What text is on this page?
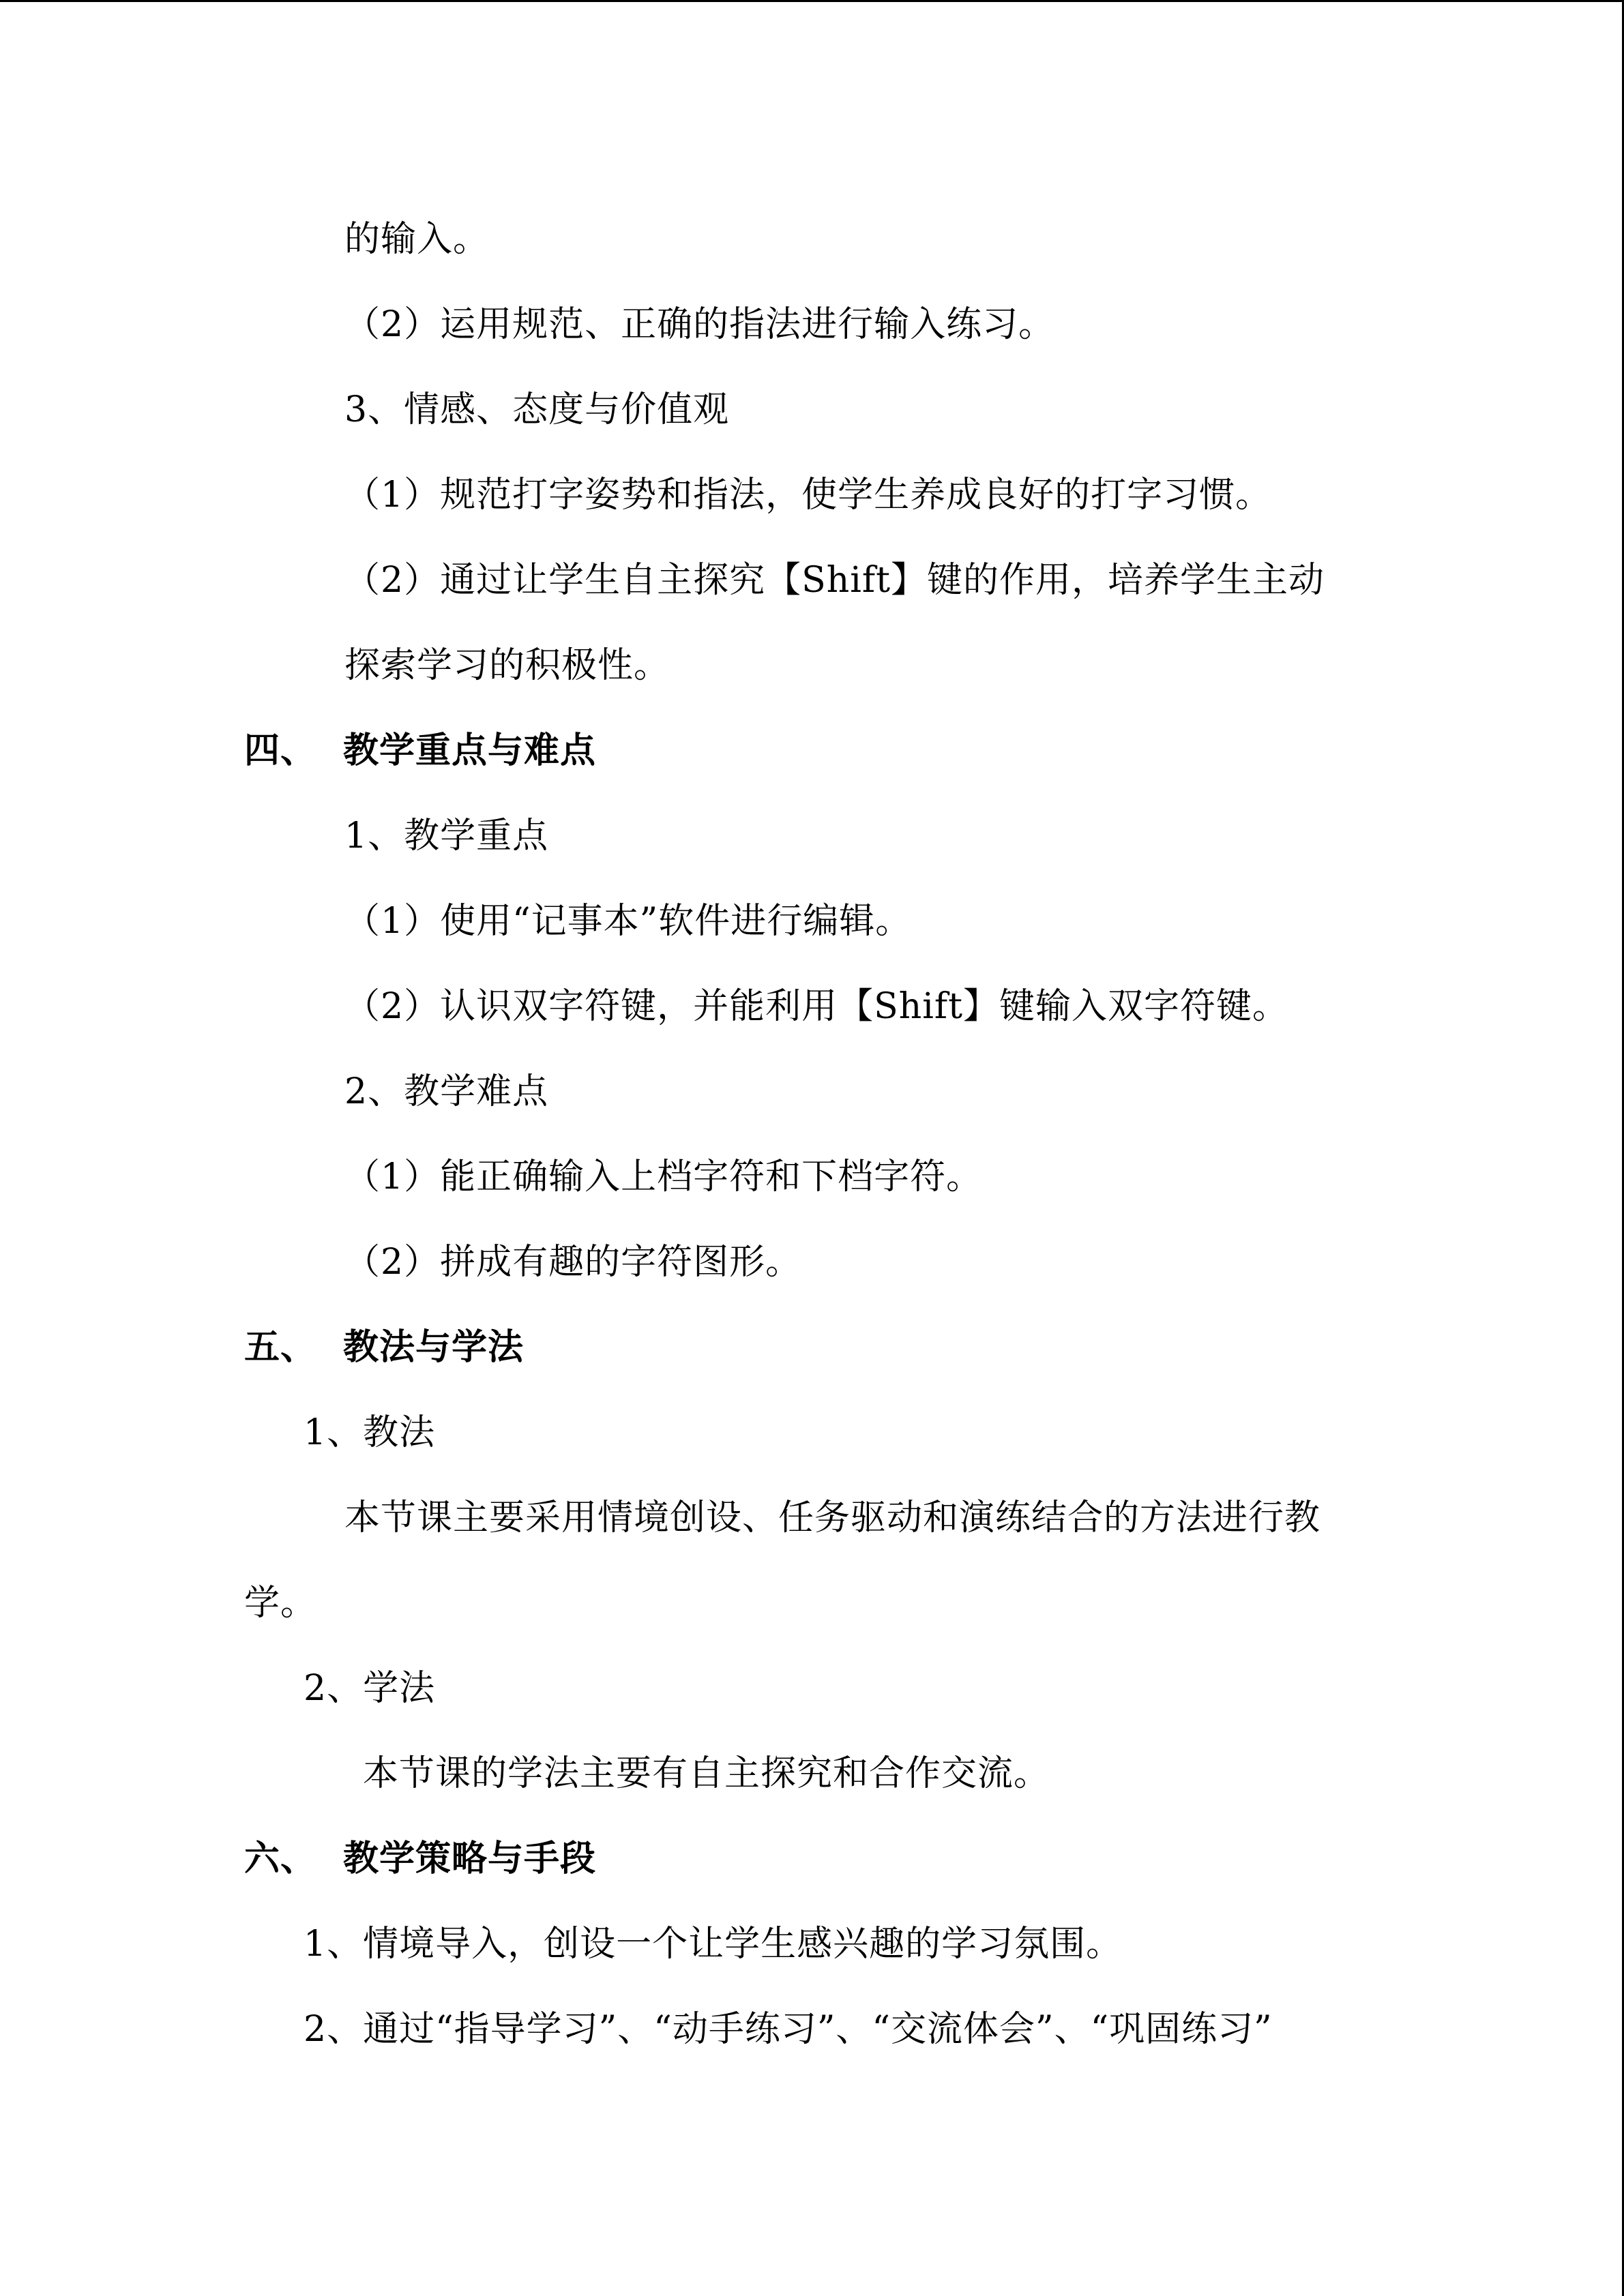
的输入。
（2）运用规范、正确的指法进行输入练习。
3、情感、态度与价值观
（1）规范打字姿势和指法，使学生养成良好的打字习惯。
（2）通过让学生自主探究【Shift】键的作用，培养学生主动
探索学习的积极性。
四、 教学重点与难点
1、教学重点
（1）使用“记事本”软件进行编辑。
（2）认识双字符键，并能利用【Shift】键输入双字符键。
2、教学难点
（1）能正确输入上档字符和下档字符。
（2）拼成有趣的字符图形。
五、 教法与学法
1、教法
本节课主要采用情境创设、任务驱动和演练结合的方法进行教
学。
2、学法
本节课的学法主要有自主探究和合作交流。
六、 教学策略与手段
1、情境导入，创设一个让学生感兴趣的学习氛围。
2、通过“指导学习”、“动手练习”、“交流体会”、“巩固练习”
